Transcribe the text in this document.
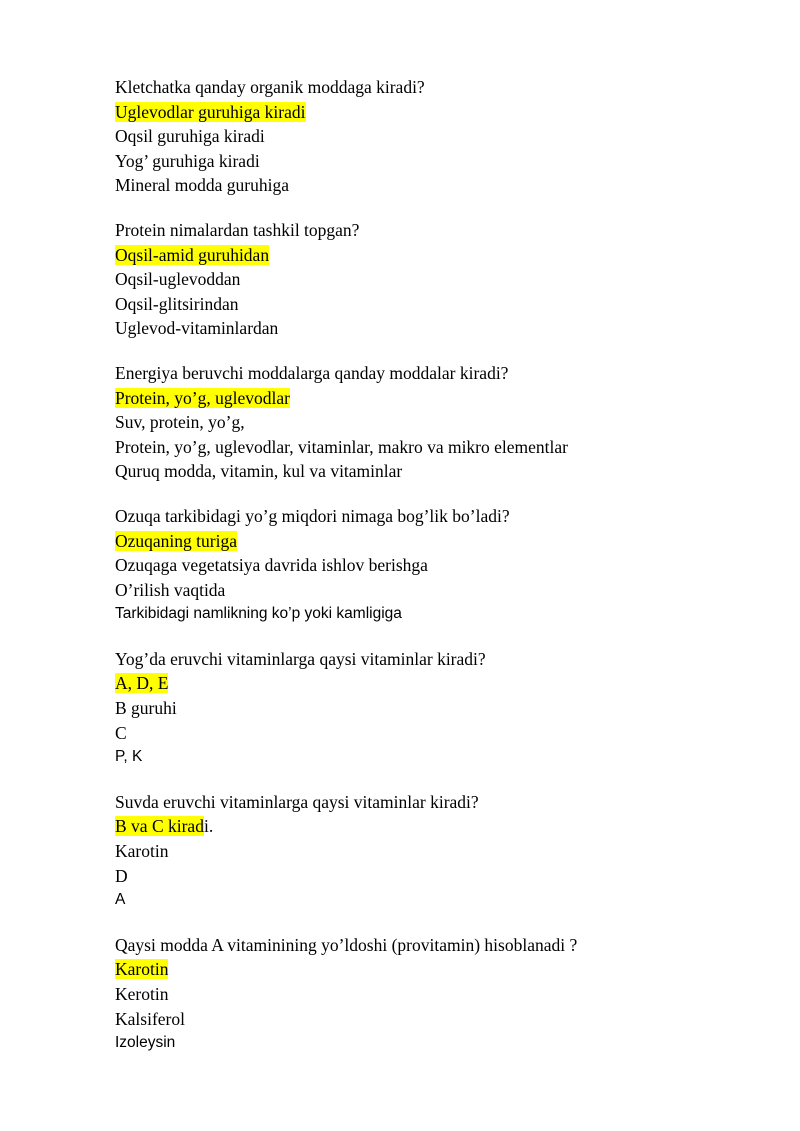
Kletchatka qanday organik moddaga kiradi?
Uglevodlar guruhiga kiradi
Oqsil guruhiga kiradi
Yog’ guruhiga kiradi
Mineral modda guruhiga
Protein nimalardan tashkil topgan?
Oqsil-amid guruhidan
Oqsil-uglevoddan
Oqsil-glitsirindan
Uglevod-vitaminlardan
Energiya beruvchi moddalarga qanday moddalar kiradi?
Protein, yo’g, uglevodlar
Suv, protein, yo’g,
Protein, yo’g, uglevodlar, vitaminlar, makro va mikro elementlar
Quruq modda, vitamin, kul va vitaminlar
Ozuqa tarkibidagi yo’g miqdori nimaga bog’lik bo’ladi?
Ozuqaning turiga
Ozuqaga vegetatsiya davrida ishlov berishga
O’rilish vaqtida
Tarkibidagi namlikning ko’p yoki kamligiga
Yog’da eruvchi vitaminlarga qaysi vitaminlar kiradi?
A, D, E
B guruhi
C
P, K
Suvda eruvchi vitaminlarga qaysi vitaminlar kiradi?
B va C kiradi.
Karotin
D
A
Qaysi modda A vitaminining yo’ldoshi (provitamin) hisoblanadi ?
Karotin
Kerotin
Kalsiferol
Izoleysin
